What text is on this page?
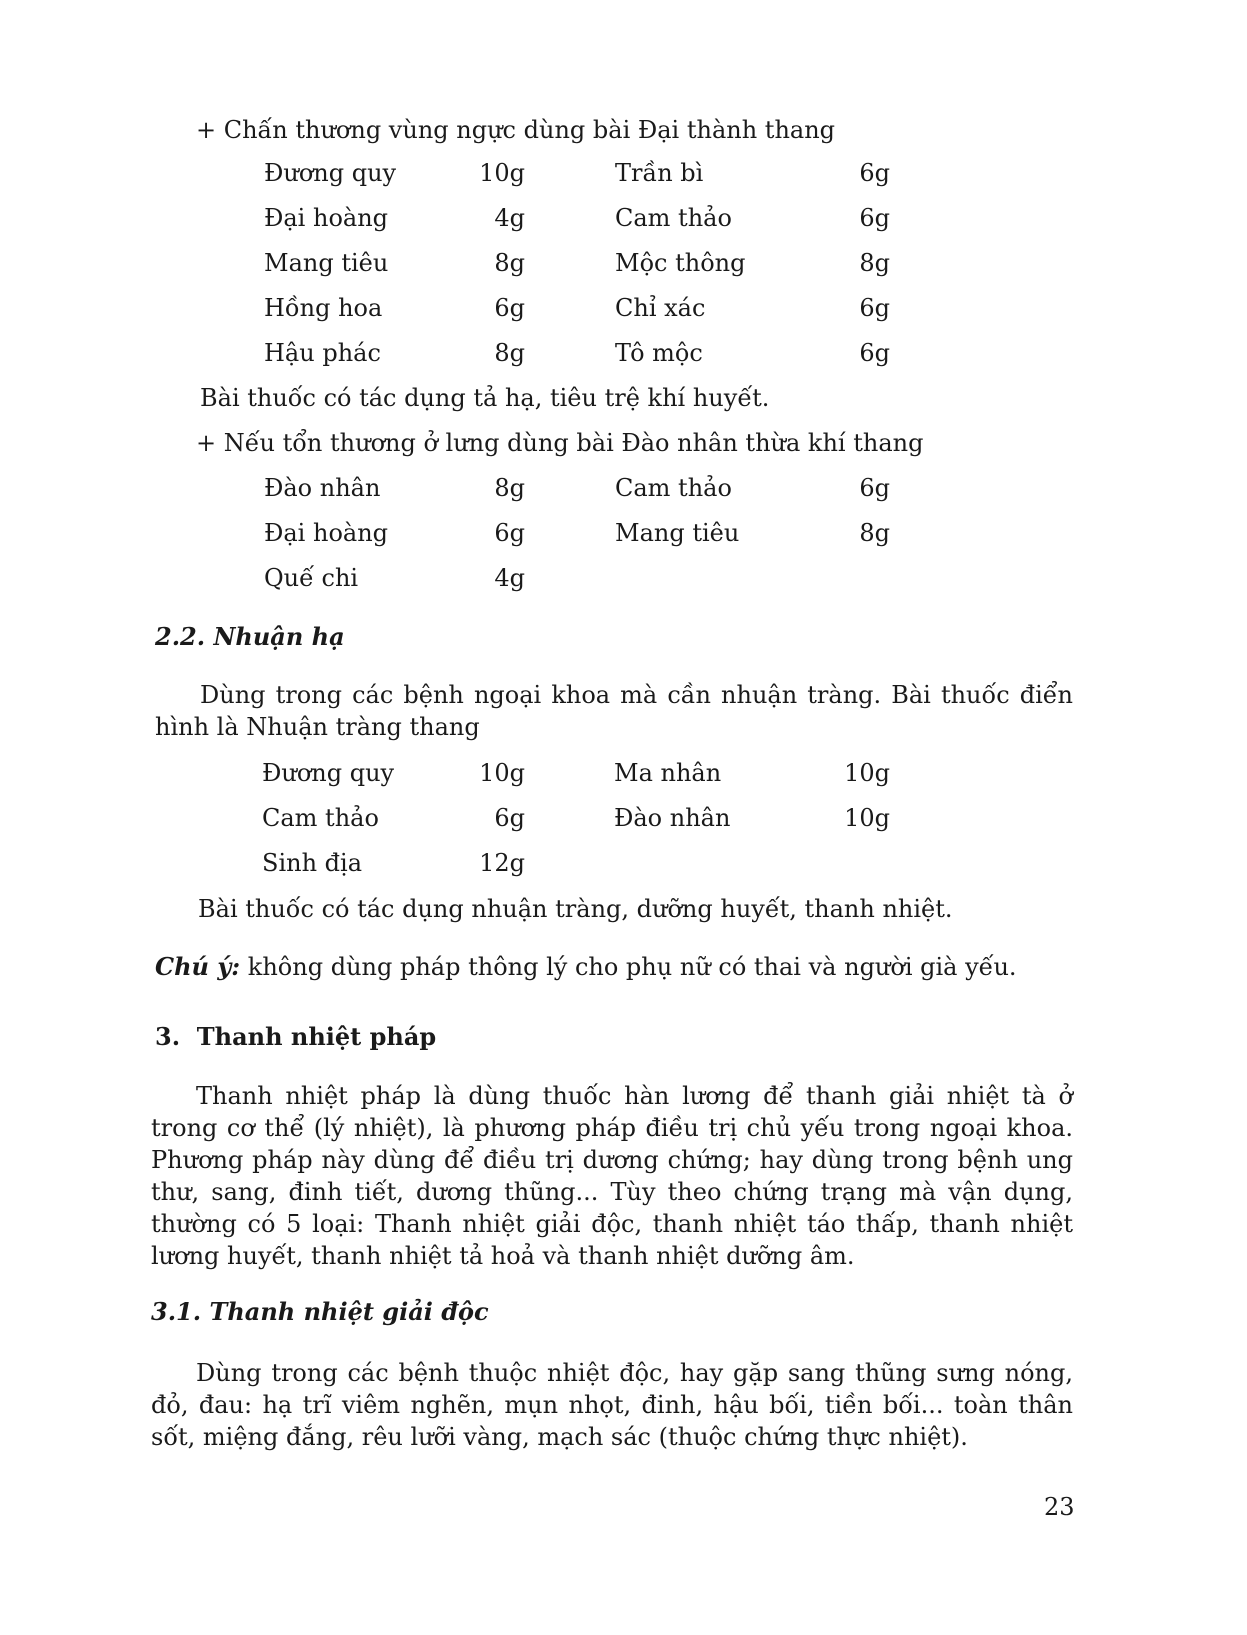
+ Chấn thương vùng ngực dùng bài Đại thành thang
Đương quy	10g	Trần bì	6g
Đại hoàng	4g	Cam thảo	6g
Mang tiêu	8g	Mộc thông	8g
Hồng hoa	6g	Chỉ xác	6g
Hậu phác	8g	Tô mộc	6g
Bài thuốc có tác dụng tả hạ, tiêu trệ khí huyết.
+ Nếu tổn thương ở lưng dùng bài Đào nhân thừa khí thang
Đào nhân	8g	Cam thảo	6g
Đại hoàng	6g	Mang tiêu	8g
Quế chi	4g
2.2. Nhuận hạ
Dùng trong các bệnh ngoại khoa mà cần nhuận tràng. Bài thuốc điển hình là Nhuận tràng thang
Đương quy	10g	Ma nhân	10g
Cam thảo	6g	Đào nhân	10g
Sinh địa	12g
Bài thuốc có tác dụng nhuận tràng, dưỡng huyết, thanh nhiệt.
Chú ý: không dùng pháp thông lý cho phụ nữ có thai và người già yếu.
3. Thanh nhiệt pháp
Thanh nhiệt pháp là dùng thuốc hàn lương để thanh giải nhiệt tà ở trong cơ thể (lý nhiệt), là phương pháp điều trị chủ yếu trong ngoại khoa. Phương pháp này dùng để điều trị dương chứng; hay dùng trong bệnh ung thư, sang, đinh tiết, dương thũng... Tùy theo chứng trạng mà vận dụng, thường có 5 loại: Thanh nhiệt giải độc, thanh nhiệt táo thấp, thanh nhiệt lương huyết, thanh nhiệt tả hoả và thanh nhiệt dưỡng âm.
3.1. Thanh nhiệt giải độc
Dùng trong các bệnh thuộc nhiệt độc, hay gặp sang thũng sưng nóng, đỏ, đau: hạ trĩ viêm nghẽn, mụn nhọt, đinh, hậu bối, tiền bối... toàn thân sốt, miệng đắng, rêu lưỡi vàng, mạch sác (thuộc chứng thực nhiệt).
23
